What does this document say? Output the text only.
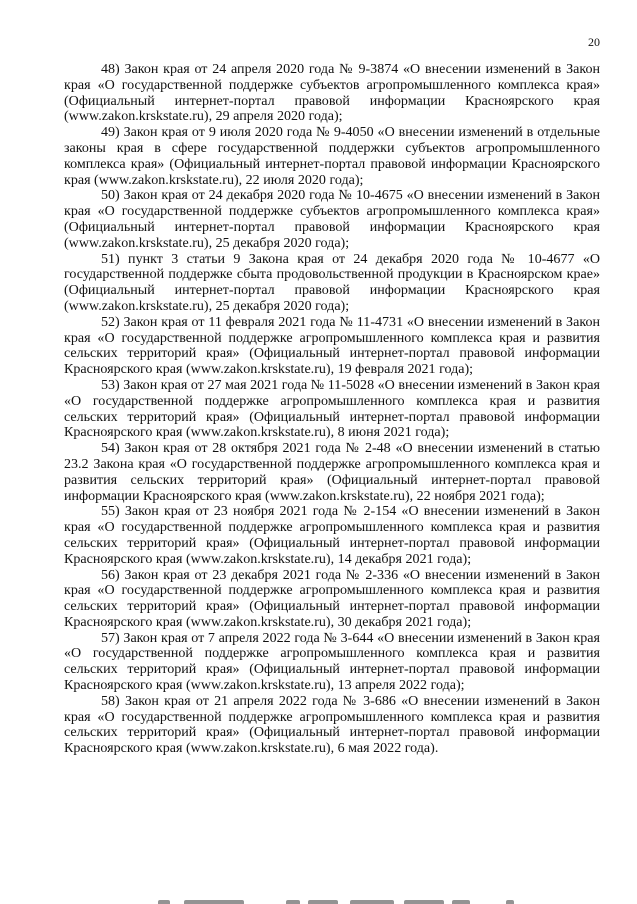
20

48) Закон края от 24 апреля 2020 года № 9-3874 «О внесении изменений в Закон края «О государственной поддержке субъектов агропромышленного комплекса края» (Официальный интернет-портал правовой информации Красноярского края (www.zakon.krskstate.ru), 29 апреля 2020 года);

49) Закон края от 9 июля 2020 года № 9-4050 «О внесении изменений в отдельные законы края в сфере государственной поддержки субъектов агропромышленного комплекса края» (Официальный интернет-портал правовой информации Красноярского края (www.zakon.krskstate.ru), 22 июля 2020 года);

50) Закон края от 24 декабря 2020 года № 10-4675 «О внесении изменений в Закон края «О государственной поддержке субъектов агропромышленного комплекса края» (Официальный интернет-портал правовой информации Красноярского края (www.zakon.krskstate.ru), 25 декабря 2020 года);

51) пункт 3 статьи 9 Закона края от 24 декабря 2020 года № 10-4677 «О государственной поддержке сбыта продовольственной продукции в Красноярском крае» (Официальный интернет-портал правовой информации Красноярского края (www.zakon.krskstate.ru), 25 декабря 2020 года);

52) Закон края от 11 февраля 2021 года № 11-4731 «О внесении изменений в Закон края «О государственной поддержке агропромышленного комплекса края и развития сельских территорий края» (Официальный интернет-портал правовой информации Красноярского края (www.zakon.krskstate.ru), 19 февраля 2021 года);

53) Закон края от 27 мая 2021 года № 11-5028 «О внесении изменений в Закон края «О государственной поддержке агропромышленного комплекса края и развития сельских территорий края» (Официальный интернет-портал правовой информации Красноярского края (www.zakon.krskstate.ru), 8 июня 2021 года);

54) Закон края от 28 октября 2021 года № 2-48 «О внесении изменений в статью 23.2 Закона края «О государственной поддержке агропромышленного комплекса края и развития сельских территорий края» (Официальный интернет-портал правовой информации Красноярского края (www.zakon.krskstate.ru), 22 ноября 2021 года);

55) Закон края от 23 ноября 2021 года № 2-154 «О внесении изменений в Закон края «О государственной поддержке агропромышленного комплекса края и развития сельских территорий края» (Официальный интернет-портал правовой информации Красноярского края (www.zakon.krskstate.ru), 14 декабря 2021 года);

56) Закон края от 23 декабря 2021 года № 2-336 «О внесении изменений в Закон края «О государственной поддержке агропромышленного комплекса края и развития сельских территорий края» (Официальный интернет-портал правовой информации Красноярского края (www.zakon.krskstate.ru), 30 декабря 2021 года);

57) Закон края от 7 апреля 2022 года № 3-644 «О внесении изменений в Закон края «О государственной поддержке агропромышленного комплекса края и развития сельских территорий края» (Официальный интернет-портал правовой информации Красноярского края (www.zakon.krskstate.ru), 13 апреля 2022 года);

58) Закон края от 21 апреля 2022 года № 3-686 «О внесении изменений в Закон края «О государственной поддержке агропромышленного комплекса края и развития сельских территорий края» (Официальный интернет-портал правовой информации Красноярского края (www.zakon.krskstate.ru), 6 мая 2022 года).
